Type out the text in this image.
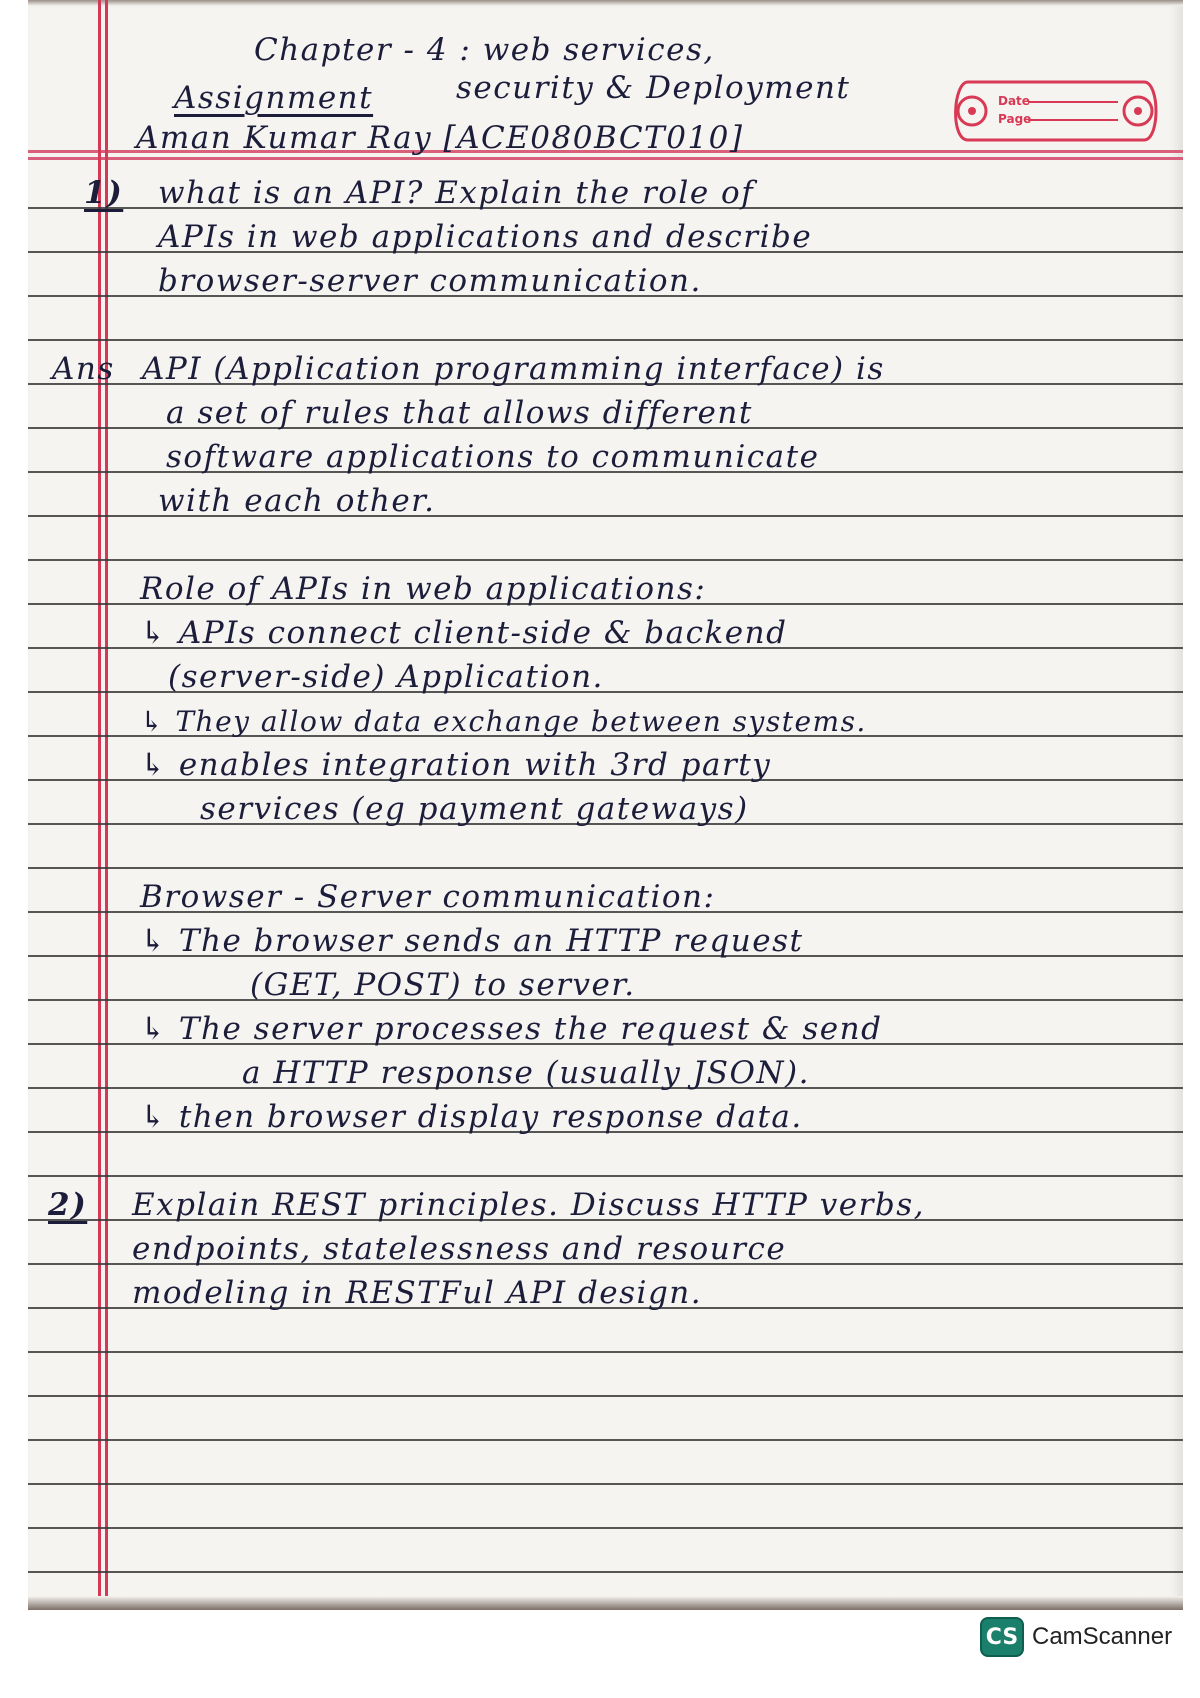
Date
Page
Chapter - 4 : web services,
Assignment	security & Deployment
Aman Kumar Ray [ACE080BCT010]
1) what is an API? Explain the role of
APIs in web applications and describe
browser-server communication.
Ans API (Application programming interface) is
a set of rules that allows different
software applications to communicate
with each other.
Role of APIs in web applications:
↳ APIs connect client-side & backend
(server-side) Application.
↳ They allow data exchange between systems.
↳ enables integration with 3rd party
services (eg payment gateways)
Browser - Server communication:
↳ The browser sends an HTTP request
(GET, POST) to server.
↳ The server processes the request & send
a HTTP response (usually JSON).
↳ then browser display response data.
2) Explain REST principles. Discuss HTTP verbs,
endpoints, statelessness and resource
modeling in RESTFul API design.
CS CamScanner
